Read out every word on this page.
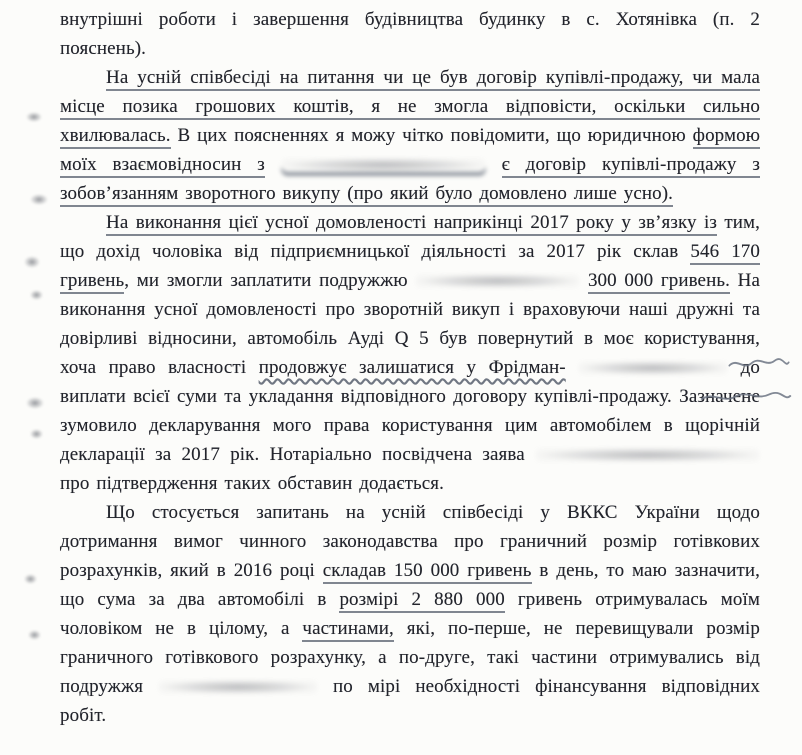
внутрішні роботи і завершення будівництва будинку в с. Хотянівка (п. 2 пояснень).

На усній співбесіді на питання чи це був договір купівлі-продажу, чи мала місце позика грошових коштів, я не змогла відповісти, оскільки сильно хвилювалась. В цих поясненнях я можу чітко повідомити, що юридичною формою моїх взаємовідносин з	є договір купівлі-продажу з зобов’язанням зворотного викупу (про який було домовлено лише усно).

На виконання цієї усної домовленості наприкінці 2017 року у зв’язку із тим, що дохід чоловіка від підприємницької діяльності за 2017 рік склав 546 170 гривень, ми змогли заплатити подружжю	300 000 гривень. На виконання усної домовленості про зворотній викуп і враховуючи наші дружні та довірливі відносини, автомобіль Ауді Q 5 був повернутий в моє користування, хоча право власності продовжує залишатися у Фрідман-	до виплати всієї суми та укладання відповідного договору купівлі-продажу. Зазначене зумовило декларування мого права користування цим автомобілем в щорічній декларації за 2017 рік. Нотаріально посвідчена заява  про підтвердження таких обставин додається.

Що стосується запитань на усній співбесіді у ВККС України щодо дотримання вимог чинного законодавства про граничний розмір готівкових розрахунків, який в 2016 році складав 150 000 гривень в день, то маю зазначити, що сума за два автомобілі в розмірі 2 880 000 гривень отримувалась моїм чоловіком не в цілому, а частинами, які, по-перше, не перевищували розмір граничного готівкового розрахунку, а по-друге, такі частини отримувались від подружжя	по мірі необхідності фінансування відповідних робіт.
